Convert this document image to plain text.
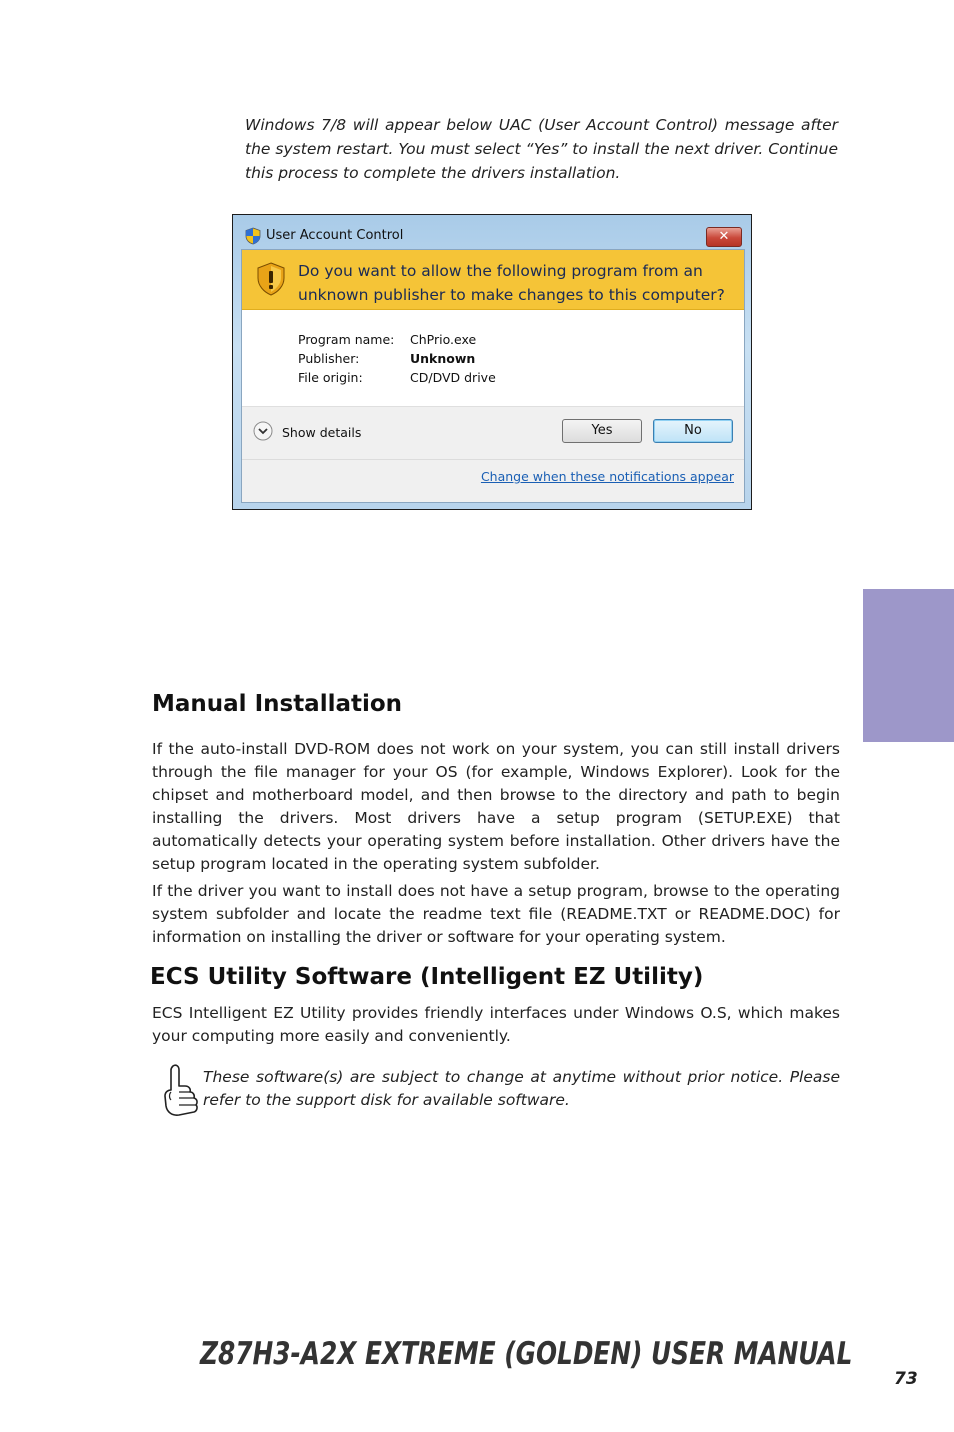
Windows 7/8 will appear below UAC (User Account Control) message after the system restart. You must select “Yes” to install the next driver. Continue this process to complete the drivers installation.
User Account Control	✕
Do you want to allow the following program from an unknown publisher to make changes to this computer?
Program name:	ChPrio.exe
Publisher:	Unknown
File origin:	CD/DVD drive
Show details	Yes	No
Change when these notifications appear
Manual Installation
If the auto-install DVD-ROM does not work on your system, you can still install drivers through the file manager for your OS (for example, Windows Explorer). Look for the chipset and motherboard model, and then browse to the directory and path to begin installing the drivers. Most drivers have a setup program (SETUP.EXE) that automatically detects your operating system before installation. Other drivers have the setup program located in the operating system subfolder.
If the driver you want to install does not have a setup program, browse to the operating system subfolder and locate the readme text file (README.TXT or README.DOC) for information on installing the driver or software for your operating system.
ECS Utility Software (Intelligent EZ Utility)
ECS Intelligent EZ Utility provides friendly interfaces under Windows O.S, which makes your computing more easily and conveniently.
These software(s) are subject to change at anytime without prior notice. Please refer to the support disk for available software.
Z87H3-A2X EXTREME (GOLDEN) USER MANUAL
73
